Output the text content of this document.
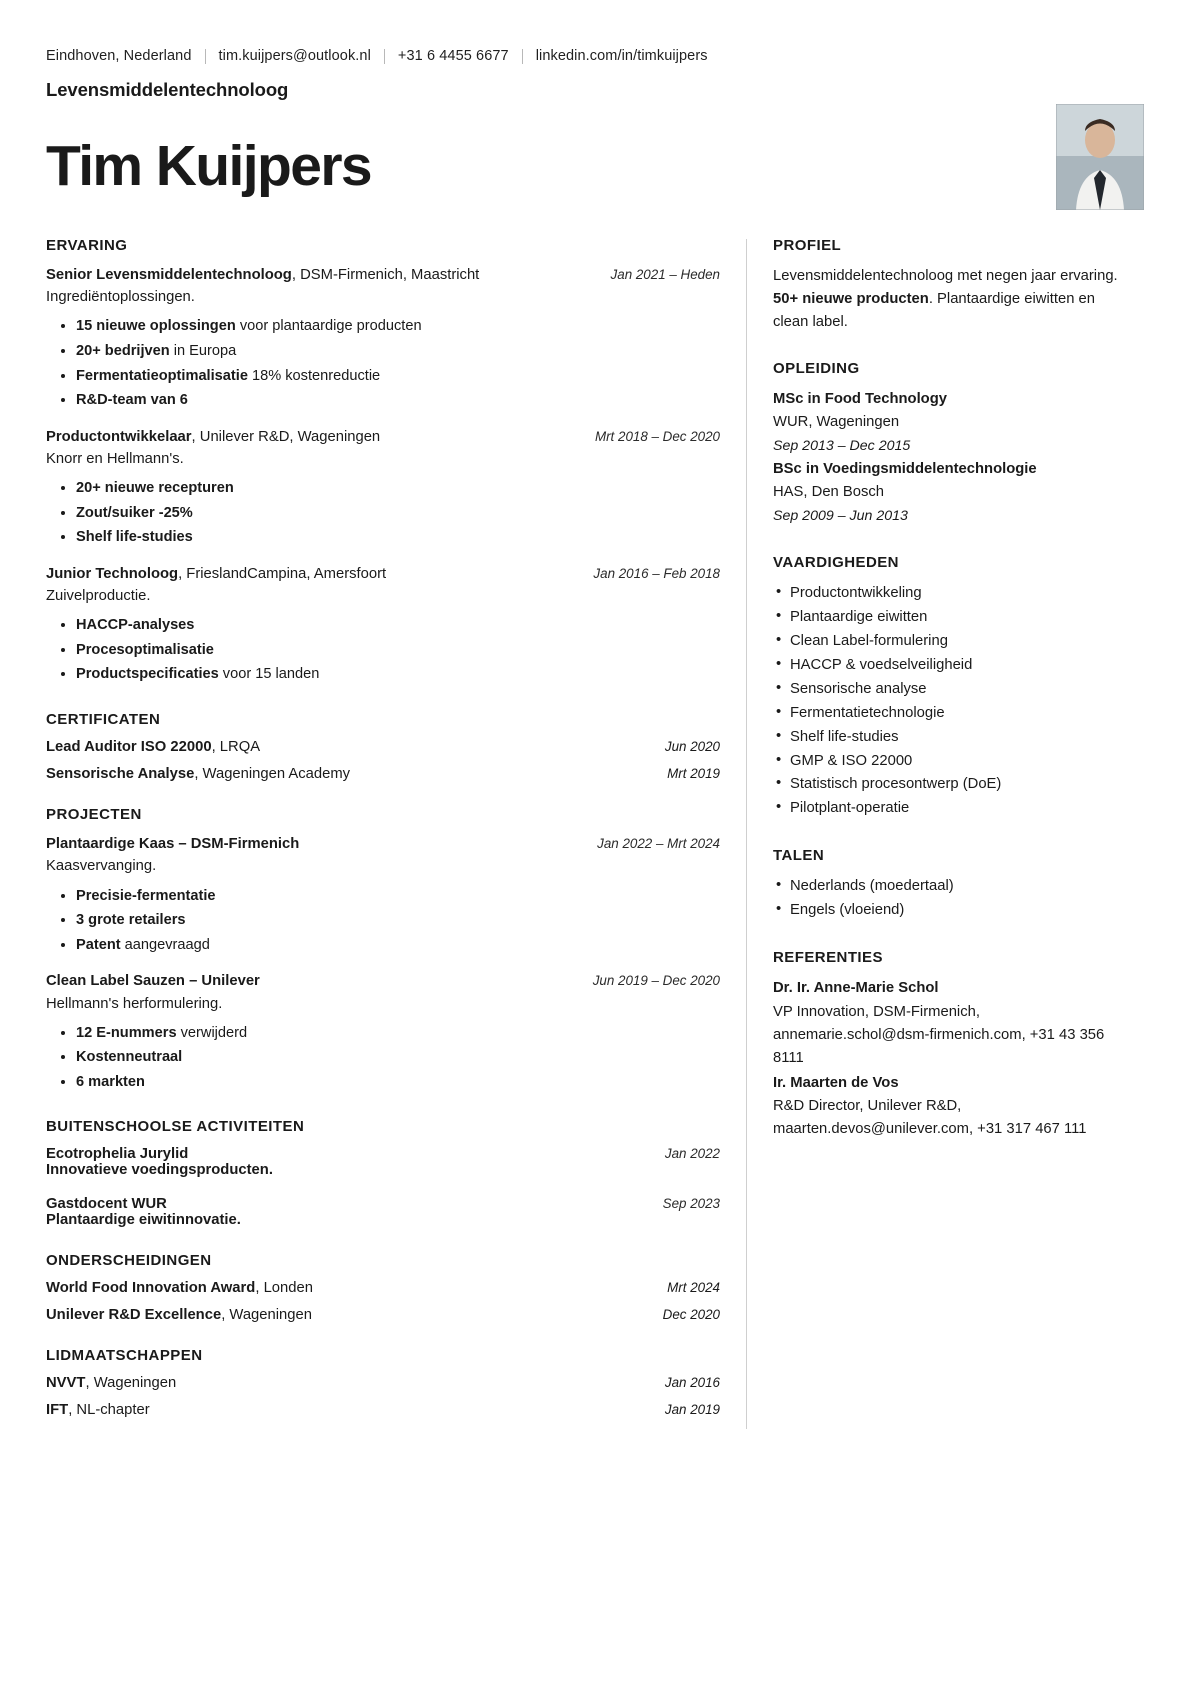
Eindhoven, Nederland tim.kuijpers@outlook.nl +31 6 4455 6677 linkedin.com/in/timkuijpers
Levensmiddelentechnoloog
Tim Kuijpers
ERVARING
Senior Levensmiddelentechnoloog, DSM-Firmenich, Maastricht	Jan 2021 – Heden
Ingrediëntoplossingen.
• 15 nieuwe oplossingen voor plantaardige producten
• 20+ bedrijven in Europa
• Fermentatieoptimalisatie 18% kostenreductie
• R&D-team van 6
Productontwikkelaar, Unilever R&D, Wageningen	Mrt 2018 – Dec 2020
Knorr en Hellmann's.
• 20+ nieuwe recepturen
• Zout/suiker -25%
• Shelf life-studies
Junior Technoloog, FrieslandCampina, Amersfoort	Jan 2016 – Feb 2018
Zuivelproductie.
• HACCP-analyses
• Procesoptimalisatie
• Productspecificaties voor 15 landen
CERTIFICATEN
Lead Auditor ISO 22000, LRQA	Jun 2020
Sensorische Analyse, Wageningen Academy	Mrt 2019
PROJECTEN
Plantaardige Kaas – DSM-Firmenich	Jan 2022 – Mrt 2024
Kaasvervanging.
• Precisie-fermentatie
• 3 grote retailers
• Patent aangevraagd
Clean Label Sauzen – Unilever	Jun 2019 – Dec 2020
Hellmann's herformulering.
• 12 E-nummers verwijderd
• Kostenneutraal
• 6 markten
BUITENSCHOOLSE ACTIVITEITEN
Ecotrophelia Jurylid	Jan 2022
Innovatieve voedingsproducten.
Gastdocent WUR	Sep 2023
Plantaardige eiwitinnovatie.
ONDERSCHEIDINGEN
World Food Innovation Award, Londen	Mrt 2024
Unilever R&D Excellence, Wageningen	Dec 2020
LIDMAATSCHAPPEN
NVVT, Wageningen	Jan 2016
IFT, NL-chapter	Jan 2019
PROFIEL
Levensmiddelentechnoloog met negen jaar ervaring. 50+ nieuwe producten. Plantaardige eiwitten en clean label.
OPLEIDING
MSc in Food Technology
WUR, Wageningen
Sep 2013 – Dec 2015
BSc in Voedingsmiddelentechnologie
HAS, Den Bosch
Sep 2009 – Jun 2013
VAARDIGHEDEN
• Productontwikkeling
• Plantaardige eiwitten
• Clean Label-formulering
• HACCP & voedselveiligheid
• Sensorische analyse
• Fermentatietechnologie
• Shelf life-studies
• GMP & ISO 22000
• Statistisch procesontwerp (DoE)
• Pilotplant-operatie
TALEN
• Nederlands (moedertaal)
• Engels (vloeiend)
REFERENTIES
Dr. Ir. Anne-Marie Schol
VP Innovation, DSM-Firmenich, annemarie.schol@dsm-firmenich.com, +31 43 356 8111
Ir. Maarten de Vos
R&D Director, Unilever R&D, maarten.devos@unilever.com, +31 317 467 111
